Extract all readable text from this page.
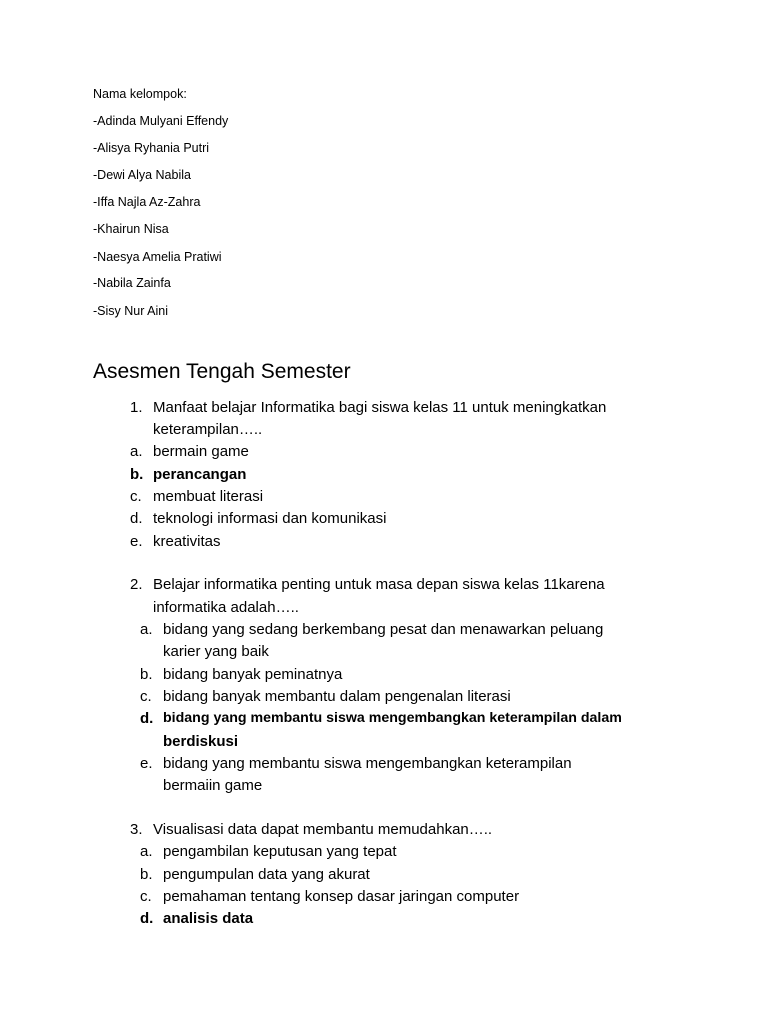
Nama kelompok:
-Adinda Mulyani Effendy
-Alisya Ryhania Putri
-Dewi Alya Nabila
-Iffa Najla Az-Zahra
-Khairun Nisa
-Naesya Amelia Pratiwi
-Nabila Zainfa
-Sisy Nur Aini
Asesmen Tengah Semester
1. Manfaat belajar Informatika bagi siswa kelas 11 untuk meningkatkan
keterampilan…..
a. bermain game
b. perancangan
c. membuat literasi
d. teknologi informasi dan komunikasi
e. kreativitas
2. Belajar informatika penting untuk masa depan siswa kelas 11karena
informatika adalah…..
a. bidang yang sedang berkembang pesat dan menawarkan peluang
karier yang baik
b. bidang banyak peminatnya
c. bidang banyak membantu dalam pengenalan literasi
d. bidang yang membantu siswa mengembangkan keterampilan dalam
berdiskusi
e. bidang yang membantu siswa mengembangkan keterampilan
bermaiin game
3. Visualisasi data dapat membantu memudahkan…..
a. pengambilan keputusan yang tepat
b. pengumpulan data yang akurat
c. pemahaman tentang konsep dasar jaringan computer
d. analisis data
